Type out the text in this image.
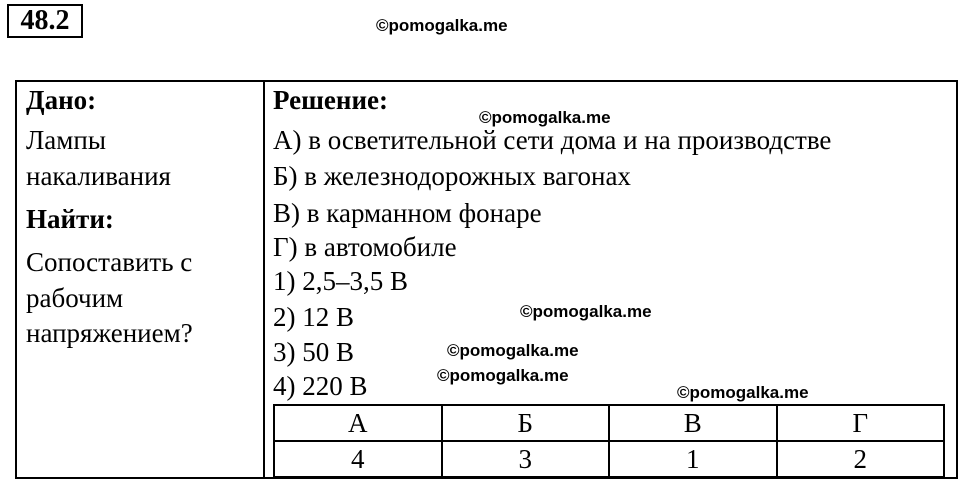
48.2	©pomogalka.me
Дано:
Лампы
накаливания
Найти:
Сопоставить с
рабочим
напряжением?
Решение:
©pomogalka.me
А) в осветительной сети дома и на производстве
Б) в железнодорожных вагонах
В) в карманном фонаре
Г) в автомобиле
1) 2,5–3,5 В
2) 12 В
3) 50 В
4) 220 В
©pomogalka.me
©pomogalka.me
©pomogalka.me
©pomogalka.me
А	Б	В	Г
4	3	1	2
